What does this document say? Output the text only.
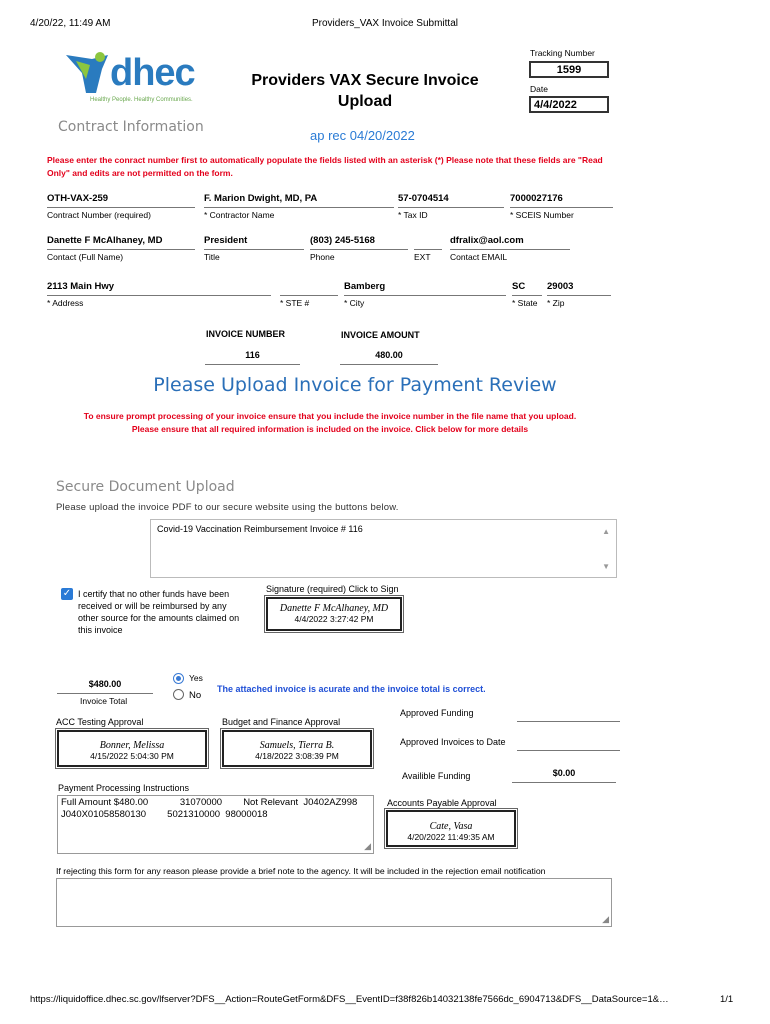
4/20/22, 11:49 AM	Providers_VAX Invoice Submittal
dhec
Healthy People. Healthy Communities.
Providers VAX Secure Invoice
Upload
Tracking Number
1599
Date
4/4/2022
Contract Information
ap rec 04/20/2022
Please enter the conract number first to automatically populate the fields listed with an asterisk (*) Please note that these fields are "Read Only" and edits are not permitted on the form.
OTH-VAX-259
Contract Number (required)
F. Marion Dwight, MD, PA
* Contractor Name
57-0704514
* Tax ID
7000027176
* SCEIS Number
Danette F McAlhaney, MD
Contact (Full Name)
President
Title
(803) 245-5168
Phone	EXT
dfralix@aol.com
Contact EMAIL
2113 Main Hwy
* Address	* STE #
Bamberg
* City
SC
* State
29003
* Zip
INVOICE NUMBER
116
INVOICE AMOUNT
480.00
Please Upload Invoice for Payment Review
To ensure prompt processing of your invoice ensure that you include the invoice number in the file name that you upload.
Please ensure that all required information is included on the invoice. Click below for more details
Secure Document Upload
Please upload the invoice PDF to our secure website using the buttons below.
Covid-19 Vaccination Reimbursement Invoice # 116	▲
▼
✓ I certify that no other funds have been
received or will be reimbursed by any
other source for the amounts claimed on
this invoice
Signature (required) Click to Sign
Danette F McAlhaney, MD
4/4/2022 3:27:42 PM
$480.00
Invoice Total
Yes
No
The attached invoice is acurate and the invoice total is correct.
Approved Funding
ACC Testing Approval	Budget and Finance Approval
Bonner, Melissa
4/15/2022 5:04:30 PM
Samuels, Tierra B.
4/18/2022 3:08:39 PM
Approved Invoices to Date
Availible Funding	$0.00
Payment Processing Instructions
Full Amount $480.00            31070000        Not Relevant  J0402AZ998
J040X01058580130        5021310000  98000018
◢
Accounts Payable Approval
Cate, Vasa
4/20/2022 11:49:35 AM
If rejecting this form for any reason please provide a brief note to the agency. It will be included in the rejection email notification
◢
https://liquidoffice.dhec.sc.gov/lfserver?DFS__Action=RouteGetForm&DFS__EventID=f38f826b14032138fe7566dc_6904713&DFS__DataSource=1&…	1/1
